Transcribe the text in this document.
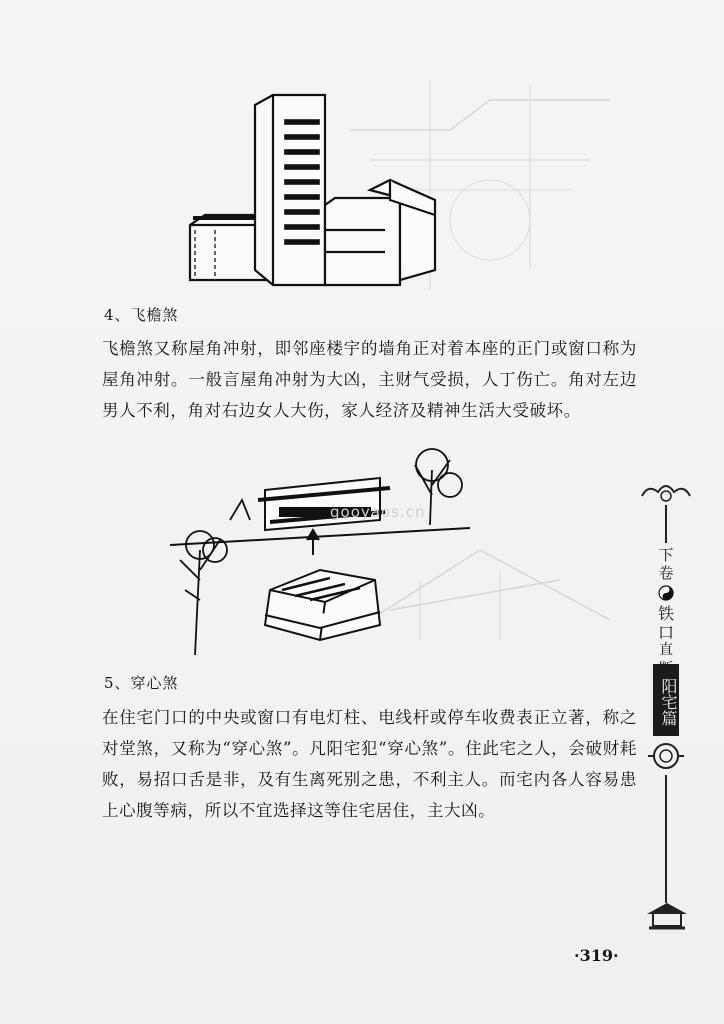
4、飞檐煞
飞檐煞又称屋角冲射，即邻座楼宇的墙角正对着本座的正门或窗口称为屋角冲射。一般言屋角冲射为大凶，主财气受损，人丁伤亡。角对左边男人不利，角对右边女人大伤，家人经济及精神生活大受破坏。
gooyaos.cn
5、穿心煞
在住宅门口的中央或窗口有电灯柱、电线杆或停车收费表正立著，称之对堂煞，又称为“穿心煞”。凡阳宅犯“穿心煞”。住此宅之人，会破财耗败，易招口舌是非，及有生离死别之患，不利主人。而宅内各人容易患上心腹等病，所以不宜选择这等住宅居住，主大凶。
·319·
下卷
铁
口
直
阳宅篇
